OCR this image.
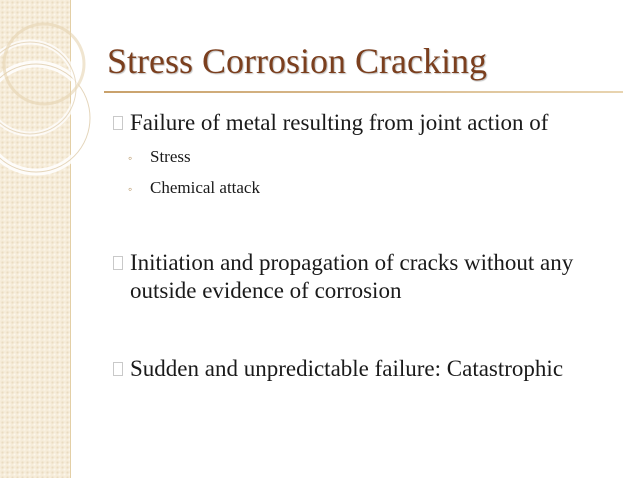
Stress Corrosion Cracking
Failure of metal resulting from joint action of
◦ Stress
◦ Chemical attack
Initiation and propagation of cracks without any outside evidence of corrosion
Sudden and unpredictable failure: Catastrophic
